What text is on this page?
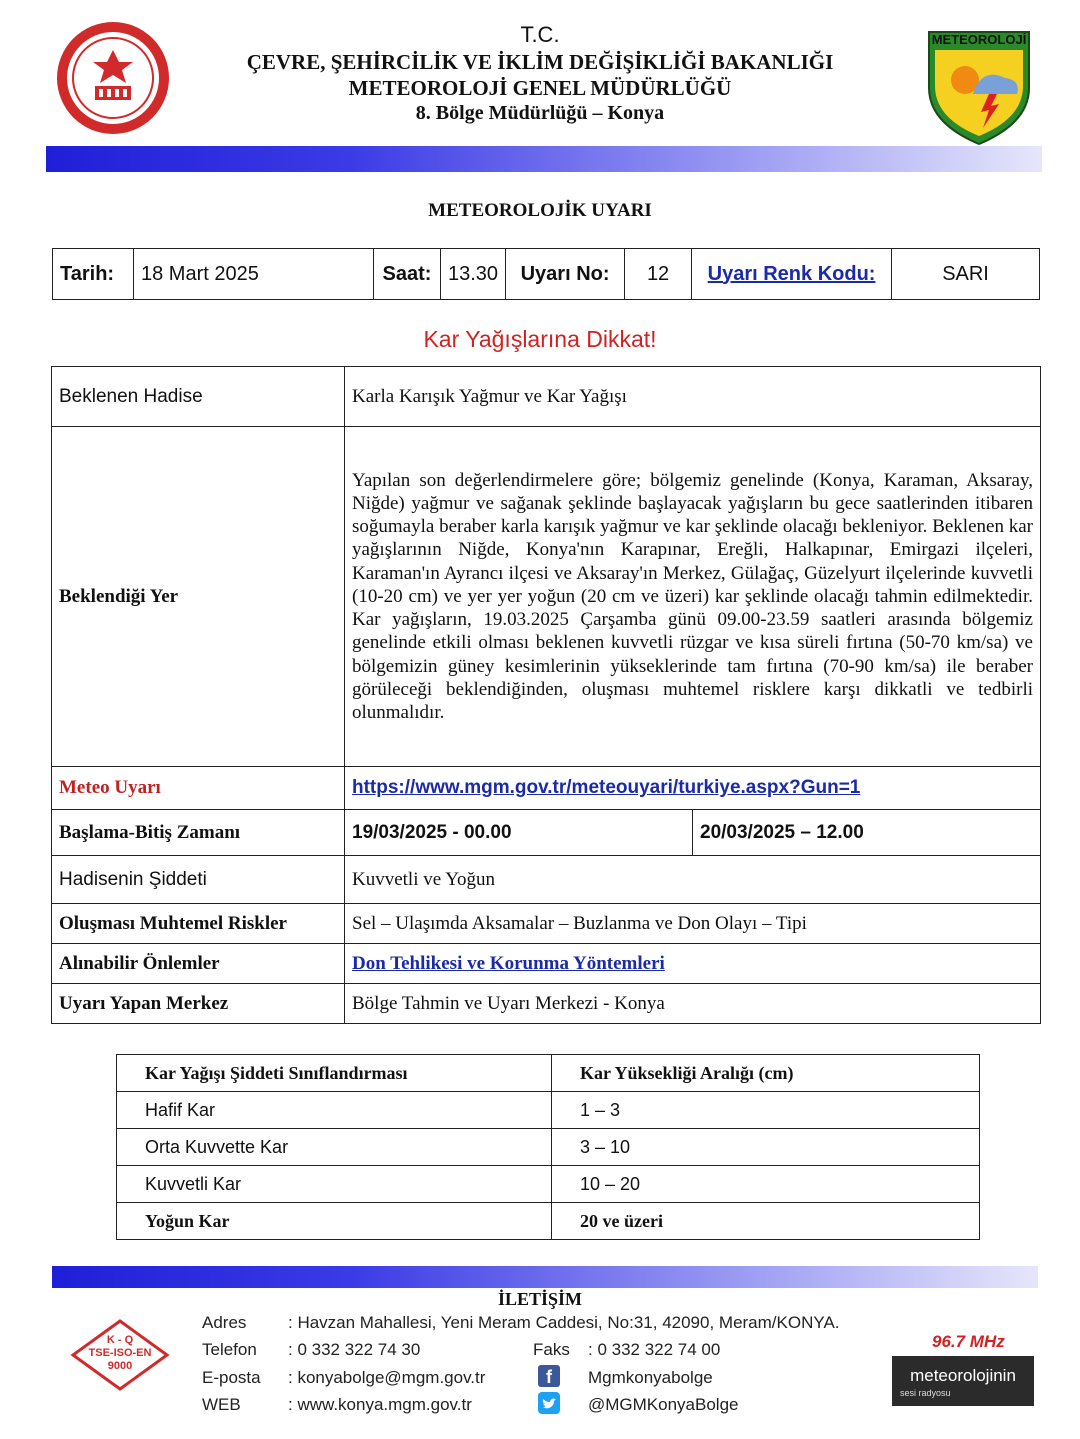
T.C.
ÇEVRE, ŞEHİRCİLİK VE İKLİM DEĞİŞİKLİĞİ BAKANLIĞI
METEOROLOJİ GENEL MÜDÜRLÜĞÜ
8. Bölge Müdürlüğü – Konya
METEOROLOJİ
METEOROLOJİK UYARI
Tarih:	18 Mart 2025	Saat:	13.30	Uyarı No:	12	Uyarı Renk Kodu:	SARI
Kar Yağışlarına Dikkat!
Beklenen Hadise	Karla Karışık Yağmur ve Kar Yağışı	
Beklendiği Yer	Yapılan son değerlendirmelere göre; bölgemiz genelinde (Konya, Karaman, Aksaray, Niğde) yağmur ve sağanak şeklinde başlayacak yağışların bu gece saatlerinden itibaren soğumayla beraber karla karışık yağmur ve kar şeklinde olacağı bekleniyor. Beklenen kar yağışlarının Niğde, Konya'nın Karapınar, Ereğli, Halkapınar, Emirgazi ilçeleri, Karaman'ın Ayrancı ilçesi ve Aksaray'ın Merkez, Gülağaç, Güzelyurt ilçelerinde kuvvetli (10-20 cm) ve yer yer yoğun (20 cm ve üzeri) kar şeklinde olacağı tahmin edilmektedir. Kar yağışların, 19.03.2025 Çarşamba günü 09.00-23.59 saatleri arasında bölgemiz genelinde etkili olması beklenen kuvvetli rüzgar ve kısa süreli fırtına (50-70 km/sa) ve bölgemizin güney kesimlerinin yükseklerinde tam fırtına (70-90 km/sa) ile beraber görüleceği beklendiğinden, oluşması muhtemel risklere karşı dikkatli ve tedbirli olunmalıdır.	
Meteo Uyarı	https://www.mgm.gov.tr/meteouyari/turkiye.aspx?Gun=1	
Başlama-Bitiş Zamanı	19/03/2025 - 00.00	20/03/2025 – 12.00
Hadisenin Şiddeti	Kuvvetli ve Yoğun	
Oluşması Muhtemel Riskler	Sel – Ulaşımda Aksamalar – Buzlanma ve Don Olayı – Tipi	
Alınabilir Önlemler	Don Tehlikesi ve Korunma Yöntemleri	
Uyarı Yapan Merkez	Bölge Tahmin ve Uyarı Merkezi - Konya	
Kar Yağışı Şiddeti Sınıflandırması	Kar Yüksekliği Aralığı (cm)
Hafif Kar	1 – 3
Orta Kuvvette Kar	3 – 10
Kuvvetli Kar	10 – 20
Yoğun Kar	20 ve üzeri
İLETİŞİM
K - Q
TSE-ISO-EN
9000
Adres : Havzan Mahallesi, Yeni Meram Caddesi, No:31, 42090, Meram/KONYA.
Telefon : 0 332 322 74 30	Faks : 0 332 322 74 00
E-posta : konyabolge@mgm.gov.tr	f	Mgmkonyabolge
WEB	: www.konya.mgm.gov.tr	@MGMKonyaBolge
96.7 MHz
meteorolojinin
sesi radyosu
